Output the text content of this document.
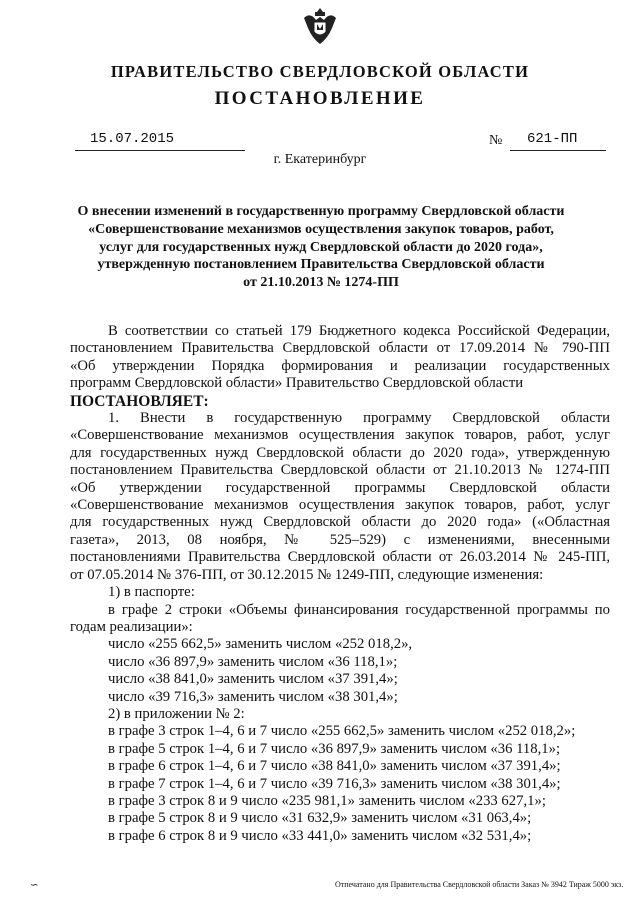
ПРАВИТЕЛЬСТВО СВЕРДЛОВСКОЙ ОБЛАСТИ
ПОСТАНОВЛЕНИЕ
15.07.2015	№ 621-ПП
г. Екатеринбург
О внесении изменений в государственную программу Свердловской области
«Совершенствование механизмов осуществления закупок товаров, работ,
услуг для государственных нужд Свердловской области до 2020 года»,
утвержденную постановлением Правительства Свердловской области
от 21.10.2013 № 1274-ПП

В соответствии со статьей 179 Бюджетного кодекса Российской Федерации,

постановлением Правительства Свердловской области от 17.09.2014 № 790-ПП

«Об утверждении Порядка формирования и реализации государственных

программ Свердловской области» Правительство Свердловской области

ПОСТАНОВЛЯЕТ:

1. Внести в государственную программу Свердловской области

«Совершенствование механизмов осуществления закупок товаров, работ, услуг

для государственных нужд Свердловской области до 2020 года», утвержденную

постановлением Правительства Свердловской области от 21.10.2013 № 1274-ПП

«Об утверждении государственной программы Свердловской области

«Совершенствование механизмов осуществления закупок товаров, работ, услуг

для государственных нужд Свердловской области до 2020 года» («Областная

газета», 2013, 08 ноября, № 525–529) с изменениями, внесенными

постановлениями Правительства Свердловской области от 26.03.2014 № 245-ПП,

от 07.05.2014 № 376-ПП, от 30.12.2015 № 1249-ПП, следующие изменения:

1) в паспорте:

в графе 2 строки «Объемы финансирования государственной программы по

годам реализации»:

число «255 662,5» заменить числом «252 018,2»,

число «36 897,9» заменить числом «36 118,1»;

число «38 841,0» заменить числом «37 391,4»;

число «39 716,3» заменить числом «38 301,4»;

2) в приложении № 2:

в графе 3 строк 1–4, 6 и 7 число «255 662,5» заменить числом «252 018,2»;

в графе 5 строк 1–4, 6 и 7 число «36 897,9» заменить числом «36 118,1»;

в графе 6 строк 1–4, 6 и 7 число «38 841,0» заменить числом «37 391,4»;

в графе 7 строк 1–4, 6 и 7 число «39 716,3» заменить числом «38 301,4»;

в графе 3 строк 8 и 9 число «235 981,1» заменить числом «233 627,1»;

в графе 5 строк 8 и 9 число «31 632,9» заменить числом «31 063,4»;

в графе 6 строк 8 и 9 число «33 441,0» заменить числом «32 531,4»;

∽	Отпечатано для Правительства Свердловской области Заказ № 3942 Тираж 5000 экз.
